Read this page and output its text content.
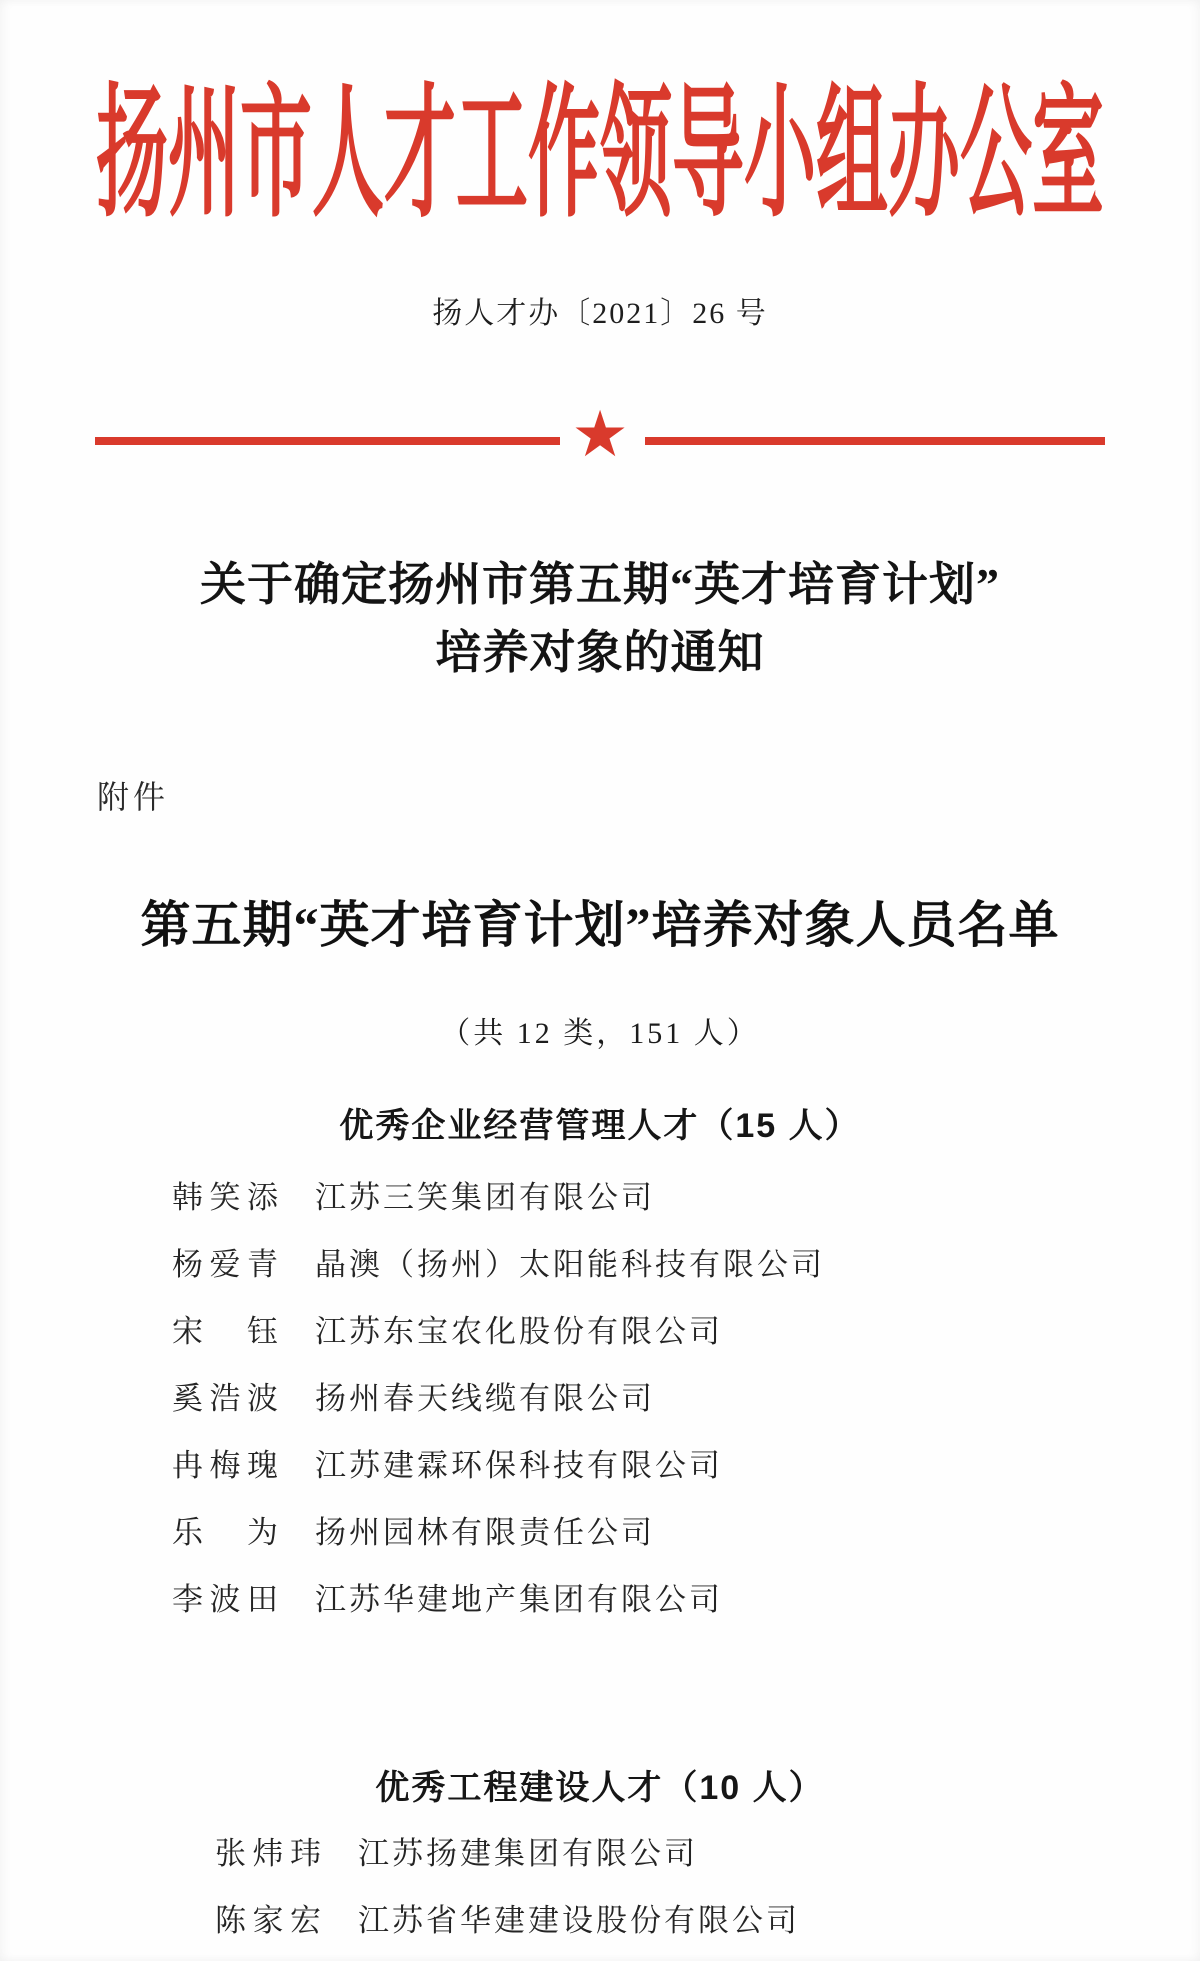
扬州市人才工作领导小组办公室
扬人才办〔2021〕26 号
★
关于确定扬州市第五期“英才培育计划”
培养对象的通知
附件
第五期“英才培育计划”培养对象人员名单
（共 12 类，151 人）
优秀企业经营管理人才（15 人）
韩 笑 添 江苏三笑集团有限公司
杨 爱 青 晶澳（扬州）太阳能科技有限公司
宋 钰 江苏东宝农化股份有限公司
奚 浩 波 扬州春天线缆有限公司
冉 梅 瑰 江苏建霖环保科技有限公司
乐 为 扬州园林有限责任公司
李 波 田 江苏华建地产集团有限公司
优秀工程建设人才（10 人）
张 炜 玮 江苏扬建集团有限公司
陈 家 宏 江苏省华建建设股份有限公司
